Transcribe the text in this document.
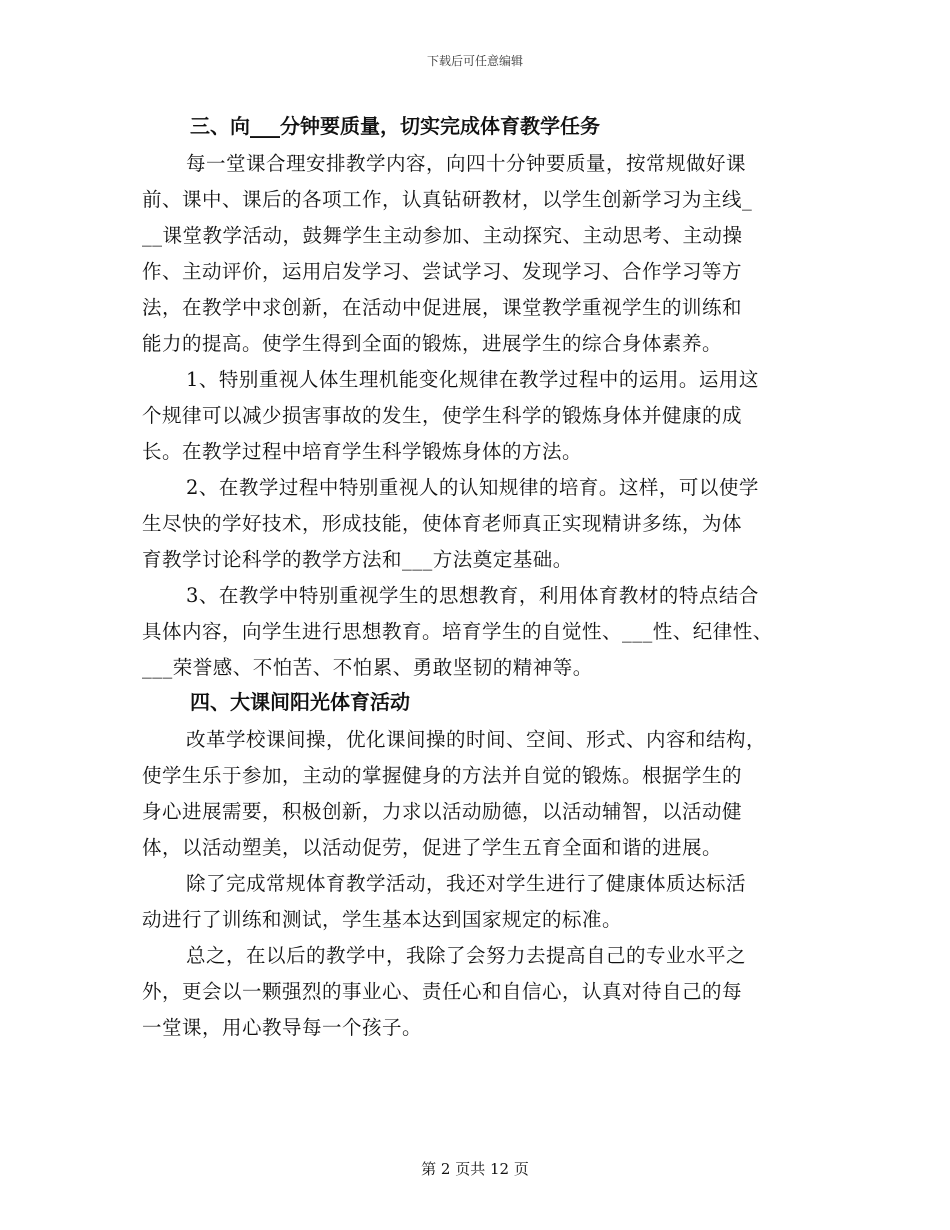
下载后可任意编辑
三、向___分钟要质量，切实完成体育教学任务
每一堂课合理安排教学内容，向四十分钟要质量，按常规做好课
前、课中、课后的各项工作，认真钻研教材，以学生创新学习为主线_
__课堂教学活动，鼓舞学生主动参加、主动探究、主动思考、主动操
作、主动评价，运用启发学习、尝试学习、发现学习、合作学习等方
法，在教学中求创新，在活动中促进展，课堂教学重视学生的训练和
能力的提高。使学生得到全面的锻炼，进展学生的综合身体素养。
1、特别重视人体生理机能变化规律在教学过程中的运用。运用这
个规律可以减少损害事故的发生，使学生科学的锻炼身体并健康的成
长。在教学过程中培育学生科学锻炼身体的方法。
2、在教学过程中特别重视人的认知规律的培育。这样，可以使学
生尽快的学好技术，形成技能，使体育老师真正实现精讲多练，为体
育教学讨论科学的教学方法和___方法奠定基础。
3、在教学中特别重视学生的思想教育，利用体育教材的特点结合
具体内容，向学生进行思想教育。培育学生的自觉性、___性、纪律性、
___荣誉感、不怕苦、不怕累、勇敢坚韧的精神等。
四、大课间阳光体育活动
改革学校课间操，优化课间操的时间、空间、形式、内容和结构，
使学生乐于参加，主动的掌握健身的方法并自觉的锻炼。根据学生的
身心进展需要，积极创新，力求以活动励德，以活动辅智，以活动健
体，以活动塑美，以活动促劳，促进了学生五育全面和谐的进展。
除了完成常规体育教学活动，我还对学生进行了健康体质达标活
动进行了训练和测试，学生基本达到国家规定的标准。
总之，在以后的教学中，我除了会努力去提高自己的专业水平之
外，更会以一颗强烈的事业心、责任心和自信心，认真对待自己的每
一堂课，用心教导每一个孩子。
第 2 页共 12 页
